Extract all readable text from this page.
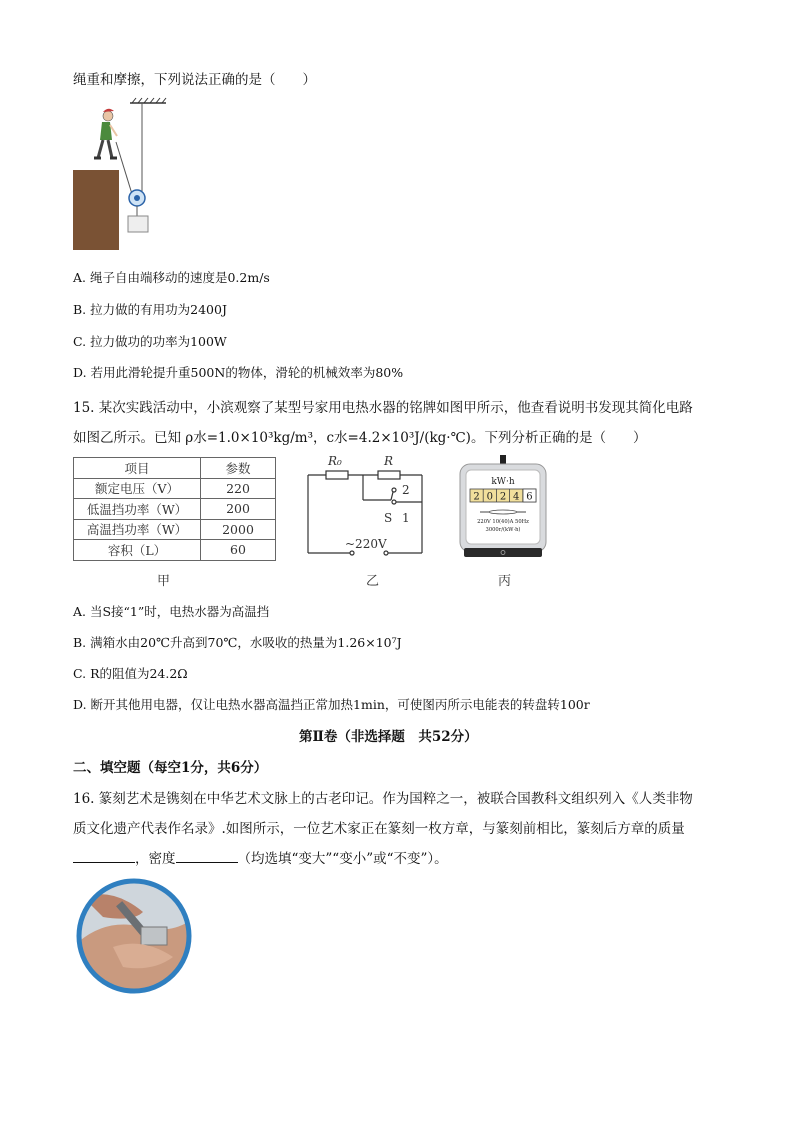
绳重和摩擦，下列说法正确的是（　　）
A. 绳子自由端移动的速度是0.2m/s
B. 拉力做的有用功为2400J
C. 拉力做功的功率为100W
D. 若用此滑轮提升重500N的物体，滑轮的机械效率为80%
15. 某次实践活动中，小滨观察了某型号家用电热水器的铭牌如图甲所示，他查看说明书发现其简化电路
如图乙所示。已知 ρ水=1.0×10³kg/m³，c水=4.2×10³J/(kg·℃)。下列分析正确的是（　　）
项目	参数
额定电压（V）	220
低温挡功率（W）	200
高温挡功率（W）	2000
容积（L）	60
甲
R₀	R
2
S 1
~220V
乙
kW·h
2 0 2 4 6
220V 10(40)A 50Hz
3000r/(kW·h)
丙
A. 当S接“1”时，电热水器为高温挡
B. 满箱水由20℃升高到70℃，水吸收的热量为1.26×10⁷J
C. R的阻值为24.2Ω
D. 断开其他用电器，仅让电热水器高温挡正常加热1min，可使图丙所示电能表的转盘转100r
第Ⅱ卷（非选择题　共52分）
二、填空题（每空1分，共6分）
16. 篆刻艺术是镌刻在中华艺术文脉上的古老印记。作为国粹之一，被联合国教科文组织列入《人类非物
质文化遗产代表作名录》.如图所示，一位艺术家正在篆刻一枚方章，与篆刻前相比，篆刻后方章的质量
，密度	（均选填“变大”“变小”或“不变”）。
